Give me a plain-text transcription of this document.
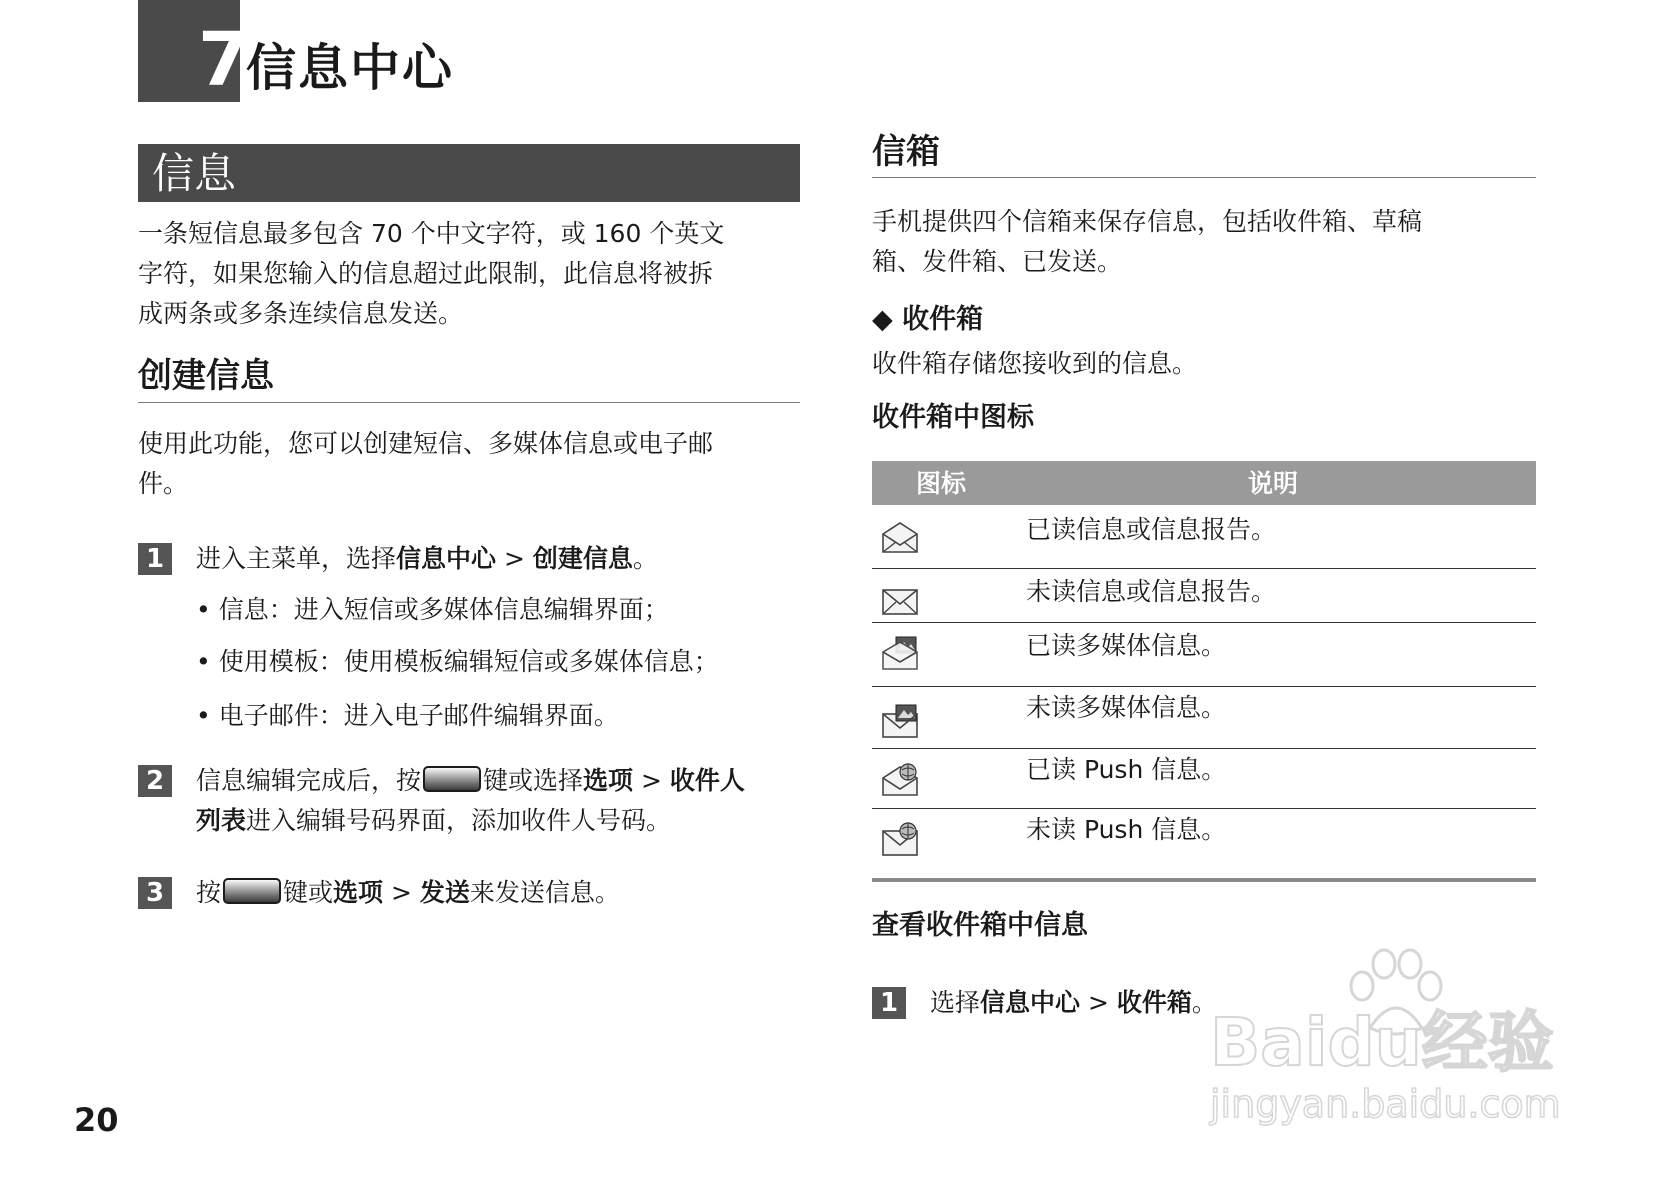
7
信息中心
信息
一条短信息最多包含 70 个中文字符，或 160 个英文
字符，如果您输入的信息超过此限制，此信息将被拆
成两条或多条连续信息发送。
创建信息
使用此功能，您可以创建短信、多媒体信息或电子邮
件。
1	进入主菜单，选择信息中心 > 创建信息。
• 信息：进入短信或多媒体信息编辑界面；
• 使用模板：使用模板编辑短信或多媒体信息；
• 电子邮件：进入电子邮件编辑界面。
2	信息编辑完成后，按 键或选择选项 > 收件人
列表进入编辑号码界面，添加收件人号码。
3	按 键或选项 > 发送来发送信息。
信箱
手机提供四个信箱来保存信息，包括收件箱、草稿
箱、发件箱、已发送。
◆ 收件箱
收件箱存储您接收到的信息。
收件箱中图标
图标	说明
已读信息或信息报告。
未读信息或信息报告。
已读多媒体信息。
未读多媒体信息。
已读 Push 信息。
未读 Push 信息。
查看收件箱中信息
1	选择信息中心 > 收件箱。
20
Baidu经验
jingyan.baidu.com
